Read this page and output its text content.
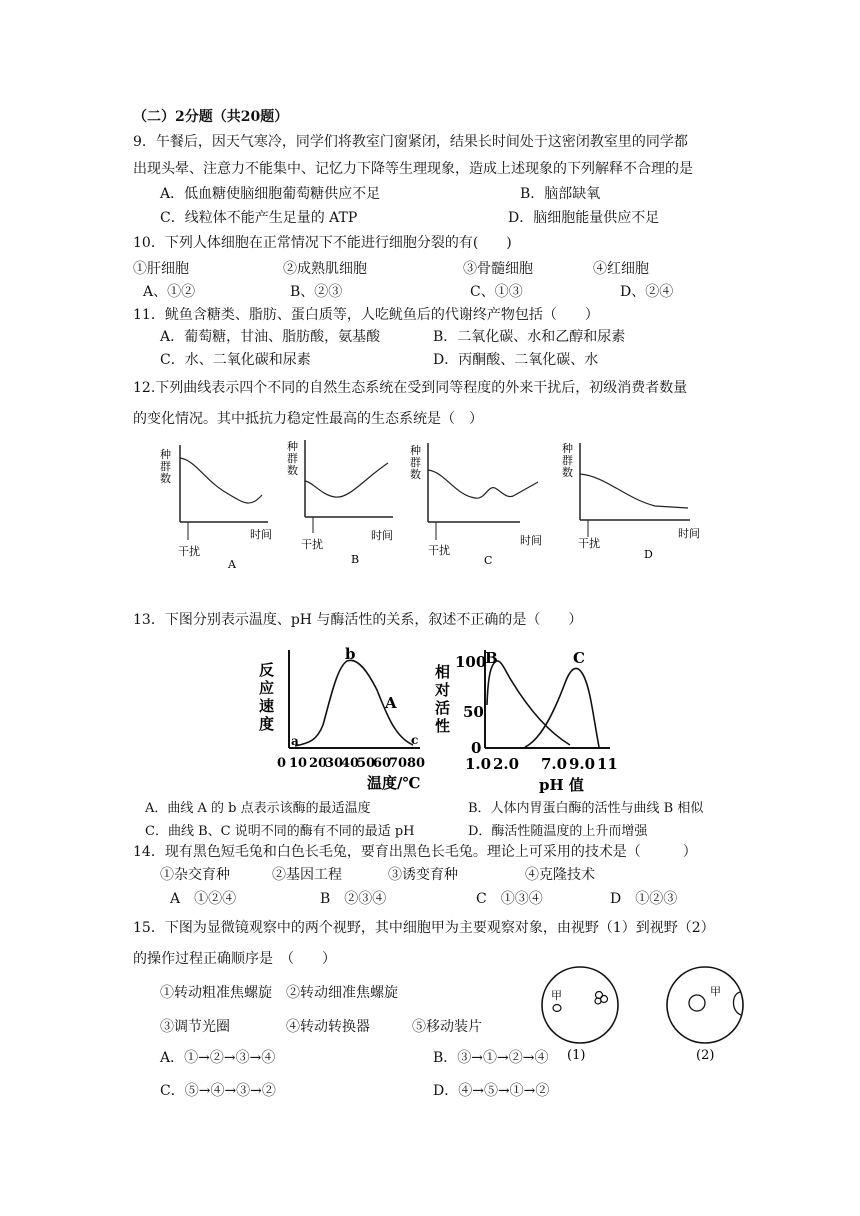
（二）2分题（共20题）
9．午餐后，因天气寒冷，同学们将教室门窗紧闭，结果长时间处于这密闭教室里的同学都
出现头晕、注意力不能集中、记忆力下降等生理现象，造成上述现象的下列解释不合理的是
A．低血糖使脑细胞葡萄糖供应不足	B．脑部缺氧
C．线粒体不能产生足量的 ATP	D．脑细胞能量供应不足
10．下列人体细胞在正常情况下不能进行细胞分裂的有(　　)
①肝细胞	②成熟肌细胞	③骨髓细胞	④红细胞
A、①②	B、②③	C、①③	D、②④
11．鱿鱼含糖类、脂肪、蛋白质等，人吃鱿鱼后的代谢终产物包括（　　）
A．葡萄糖，甘油、脂肪酸，氨基酸	B．二氧化碳、水和乙醇和尿素
C．水、二氧化碳和尿素	D．丙酮酸、二氧化碳、水
12.下列曲线表示四个不同的自然生态系统在受到同等程度的外来干扰后，初级消费者数量
的变化情况。其中抵抗力稳定性最高的生态系统是（　）
种
群
数
时间
干扰
A
种
群
数
时间
干扰
B
种
群
数
时间
干扰
C
种
群
数
时间
干扰
D
13．下图分别表示温度、pH 与酶活性的关系，叙述不正确的是（　　）
反
应
速
度
a
b
c
A
0 10 20
30
40
50
60
70 80
温度/℃
相
对
活
性
100
50
0
B	C
1.0 2.0 7.0 9.0 11
pH 值
A．曲线 A 的 b 点表示该酶的最适温度	B．人体内胃蛋白酶的活性与曲线 B 相似
C．曲线 B、C 说明不同的酶有不同的最适 pH	D．酶活性随温度的上升而增强
14．现有黑色短毛兔和白色长毛兔，要育出黑色长毛兔。理论上可采用的技术是（　　　）
①杂交育种	②基因工程	③诱变育种	④克隆技术
A　①②④	B　②③④	C　①③④	D　①②③
15．下图为显微镜观察中的两个视野，其中细胞甲为主要观察对象，由视野（1）到视野（2）
的操作过程正确顺序是　（　　）
①转动粗准焦螺旋　②转动细准焦螺旋
③调节光圈　　　　④转动转换器　　　⑤移动装片
A．①→②→③→④	B．③→①→②→④
C．⑤→④→③→②	D．④→⑤→①→②
甲
(1)
甲
(2)
